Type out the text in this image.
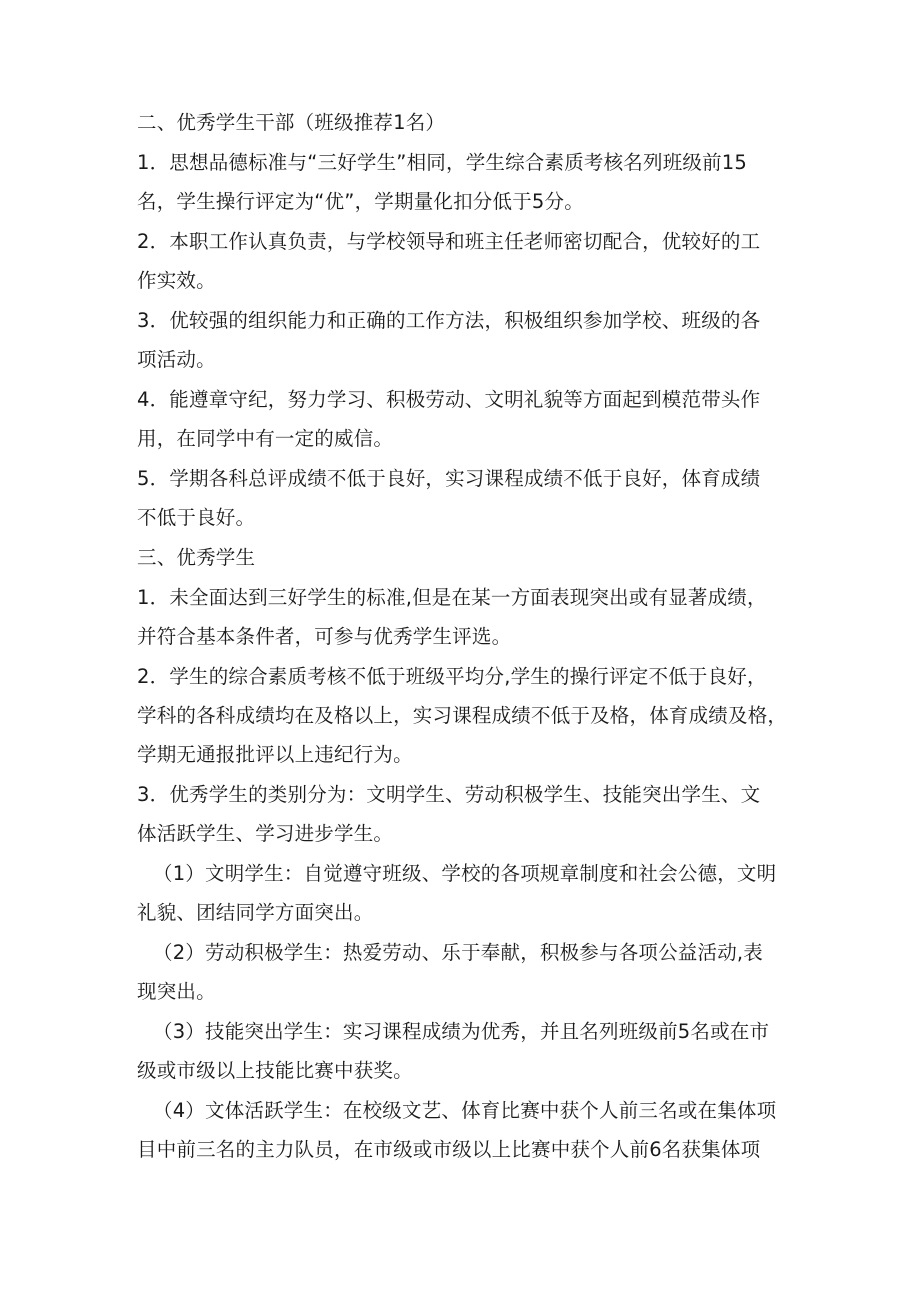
二、优秀学生干部（班级推荐1名）
1．思想品德标准与“三好学生”相同，学生综合素质考核名列班级前15
名，学生操行评定为“优”，学期量化扣分低于5分。
2．本职工作认真负责，与学校领导和班主任老师密切配合，优较好的工
作实效。
3．优较强的组织能力和正确的工作方法，积极组织参加学校、班级的各
项活动。
4．能遵章守纪，努力学习、积极劳动、文明礼貌等方面起到模范带头作
用，在同学中有一定的威信。
5．学期各科总评成绩不低于良好，实习课程成绩不低于良好，体育成绩
不低于良好。
三、优秀学生
1．未全面达到三好学生的标准,但是在某一方面表现突出或有显著成绩，
并符合基本条件者，可参与优秀学生评选。
2．学生的综合素质考核不低于班级平均分,学生的操行评定不低于良好，
学科的各科成绩均在及格以上，实习课程成绩不低于及格，体育成绩及格，
学期无通报批评以上违纪行为。
3．优秀学生的类别分为：文明学生、劳动积极学生、技能突出学生、文
体活跃学生、学习进步学生。
（1）文明学生：自觉遵守班级、学校的各项规章制度和社会公德，文明
礼貌、团结同学方面突出。
（2）劳动积极学生：热爱劳动、乐于奉献，积极参与各项公益活动,表
现突出。
（3）技能突出学生：实习课程成绩为优秀，并且名列班级前5名或在市
级或市级以上技能比赛中获奖。
（4）文体活跃学生：在校级文艺、体育比赛中获个人前三名或在集体项
目中前三名的主力队员，在市级或市级以上比赛中获个人前6名获集体项
